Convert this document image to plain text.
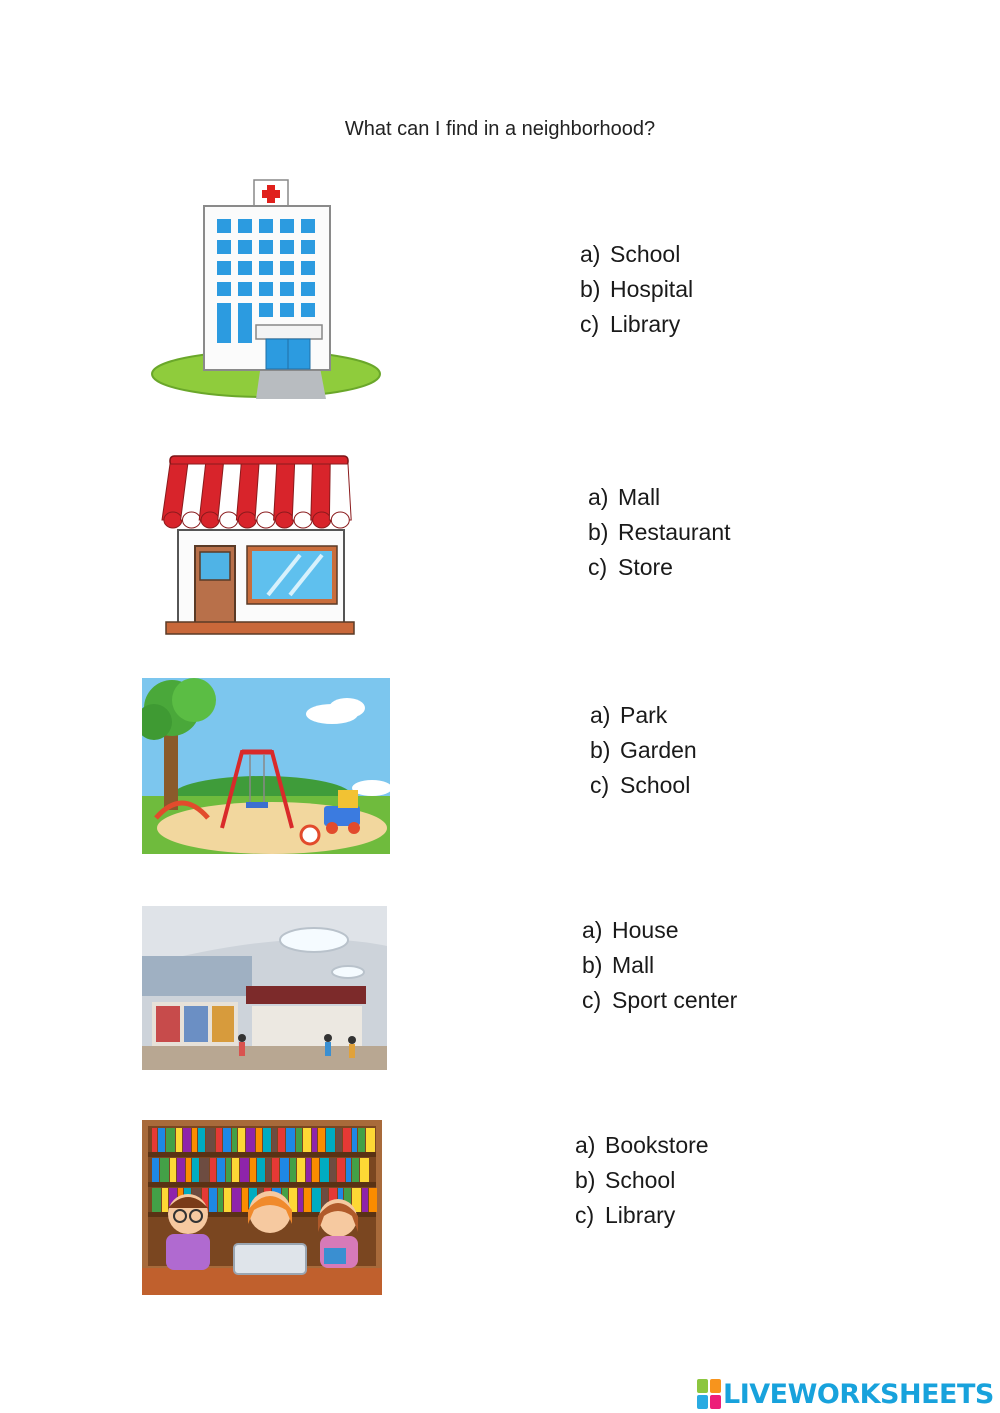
What can I find in a neighborhood?
a) School
b) Hospital
c) Library
a) Mall
b) Restaurant
c) Store
a) Park
b) Garden
c) School
a) House
b) Mall
c) Sport center
a) Bookstore
b) School
c) Library
LIVEWORKSHEETS
